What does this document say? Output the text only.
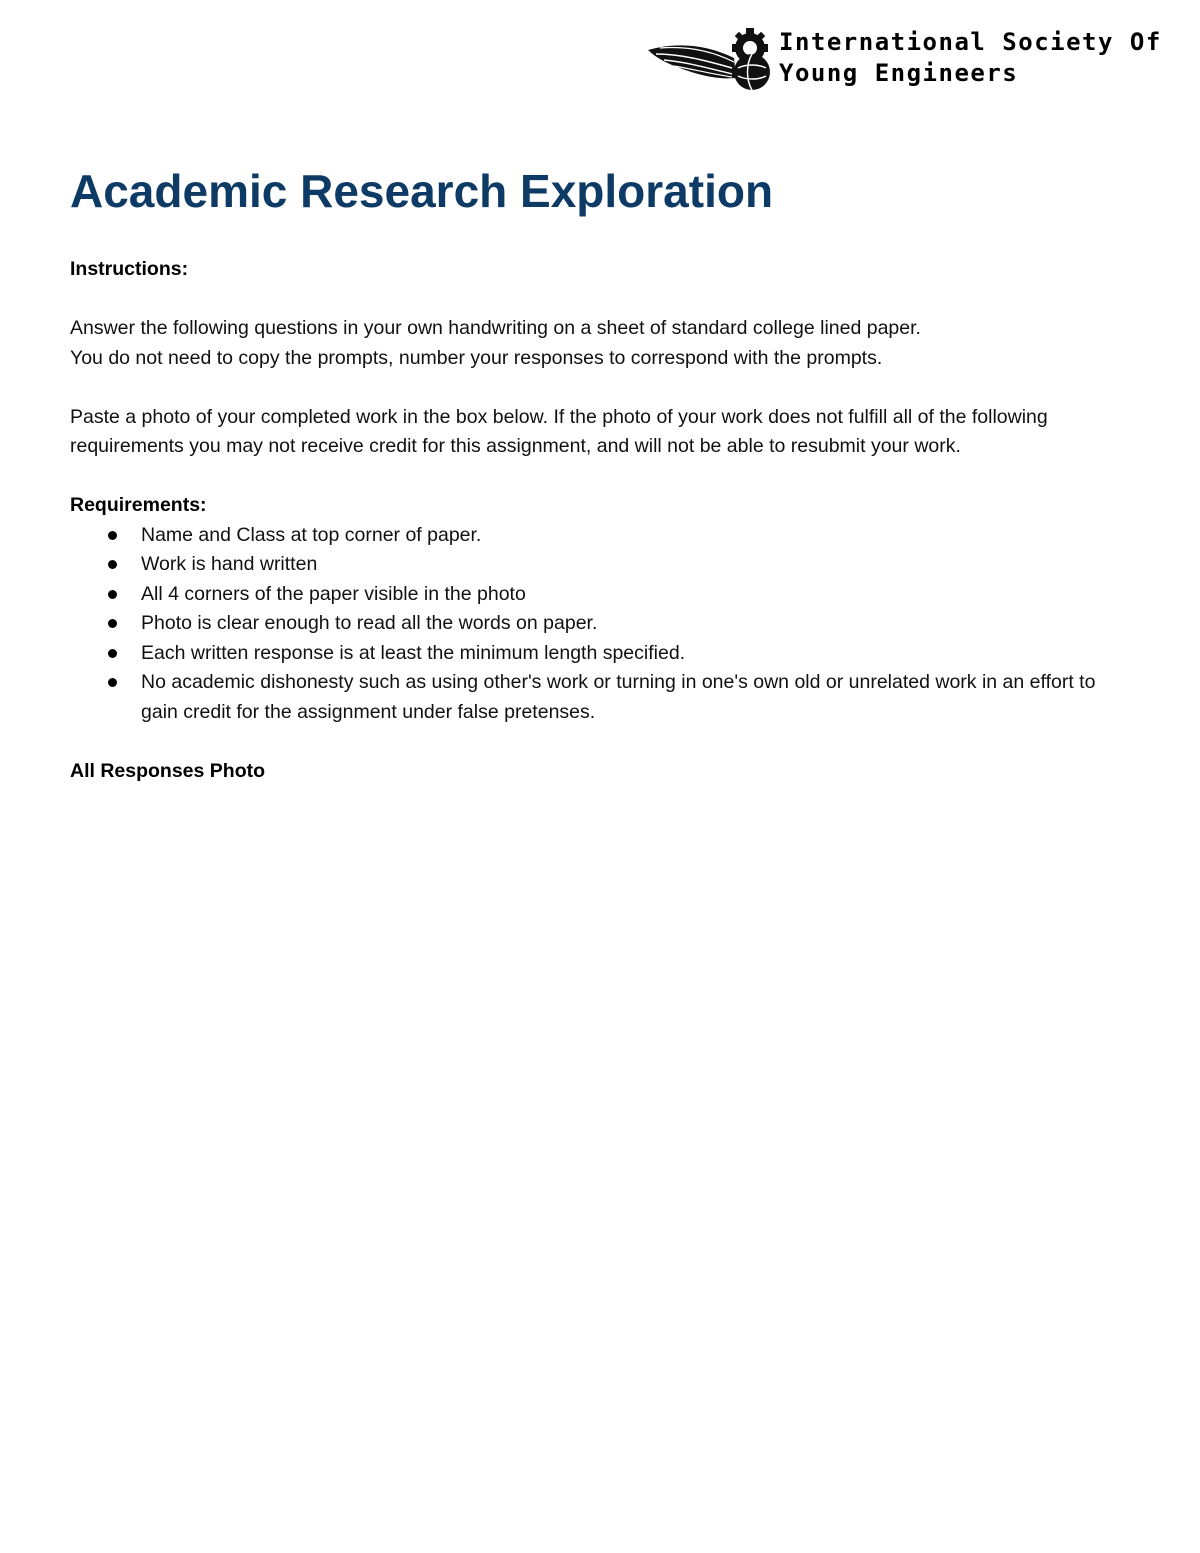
International Society Of
Young Engineers
Academic Research Exploration

Instructions:

Answer the following questions in your own handwriting on a sheet of standard college lined paper.

You do not need to copy the prompts, number your responses to correspond with the prompts.

Paste a photo of your completed work in the box below. If the photo of your work does not fulfill all of the following requirements you may not receive credit for this assignment, and will not be able to resubmit your work.

Requirements:

Name and Class at top corner of paper.
Work is hand written
All 4 corners of the paper visible in the photo
Photo is clear enough to read all the words on paper.
Each written response is at least the minimum length specified.
No academic dishonesty such as using other's work or turning in one's own old or unrelated work in an effort to gain credit for the assignment under false pretenses.

All Responses Photo
